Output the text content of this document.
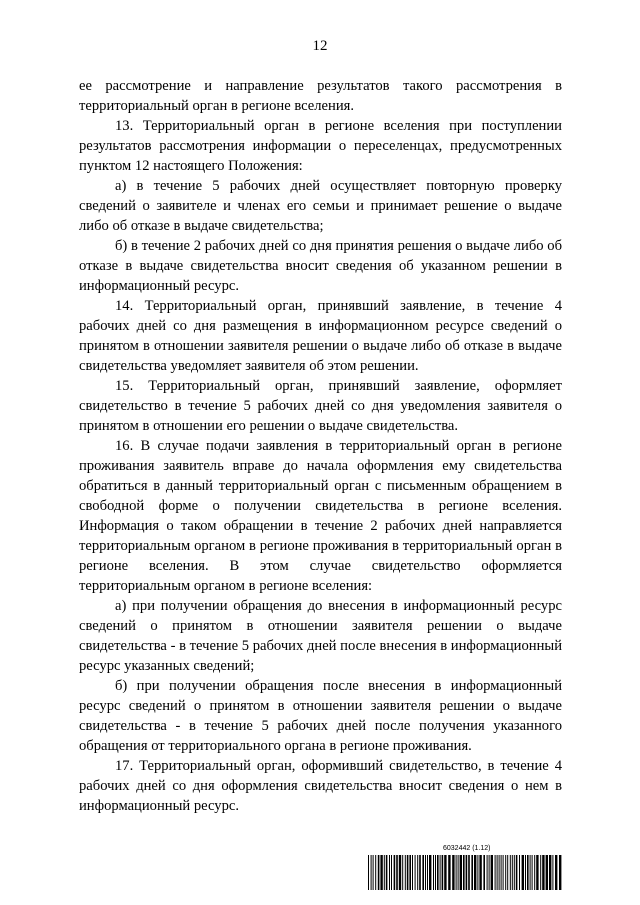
12

ее рассмотрение и направление результатов такого рассмотрения в территориальный орган в регионе вселения.

13. Территориальный орган в регионе вселения при поступлении результатов рассмотрения информации о переселенцах, предусмотренных пунктом 12 настоящего Положения:

а) в течение 5 рабочих дней осуществляет повторную проверку сведений о заявителе и членах его семьи и принимает решение о выдаче либо об отказе в выдаче свидетельства;

б) в течение 2 рабочих дней со дня принятия решения о выдаче либо об отказе в выдаче свидетельства вносит сведения об указанном решении в информационный ресурс.

14. Территориальный орган, принявший заявление, в течение 4 рабочих дней со дня размещения в информационном ресурсе сведений о принятом в отношении заявителя решении о выдаче либо об отказе в выдаче свидетельства уведомляет заявителя об этом решении.

15. Территориальный орган, принявший заявление, оформляет свидетельство в течение 5 рабочих дней со дня уведомления заявителя о принятом в отношении его решении о выдаче свидетельства.

16. В случае подачи заявления в территориальный орган в регионе проживания заявитель вправе до начала оформления ему свидетельства обратиться в данный территориальный орган с письменным обращением в свободной форме о получении свидетельства в регионе вселения. Информация о таком обращении в течение 2 рабочих дней направляется территориальным органом в регионе проживания в территориальный орган в регионе вселения. В этом случае свидетельство оформляется территориальным органом в регионе вселения:

а) при получении обращения до внесения в информационный ресурс сведений о принятом в отношении заявителя решении о выдаче свидетельства - в течение 5 рабочих дней после внесения в информационный ресурс указанных сведений;

б) при получении обращения после внесения в информационный ресурс сведений о принятом в отношении заявителя решении о выдаче свидетельства - в течение 5 рабочих дней после получения указанного обращения от территориального органа в регионе проживания.

17. Территориальный орган, оформивший свидетельство, в течение 4 рабочих дней со дня оформления свидетельства вносит сведения о нем в информационный ресурс.

6032442 (1.12)
